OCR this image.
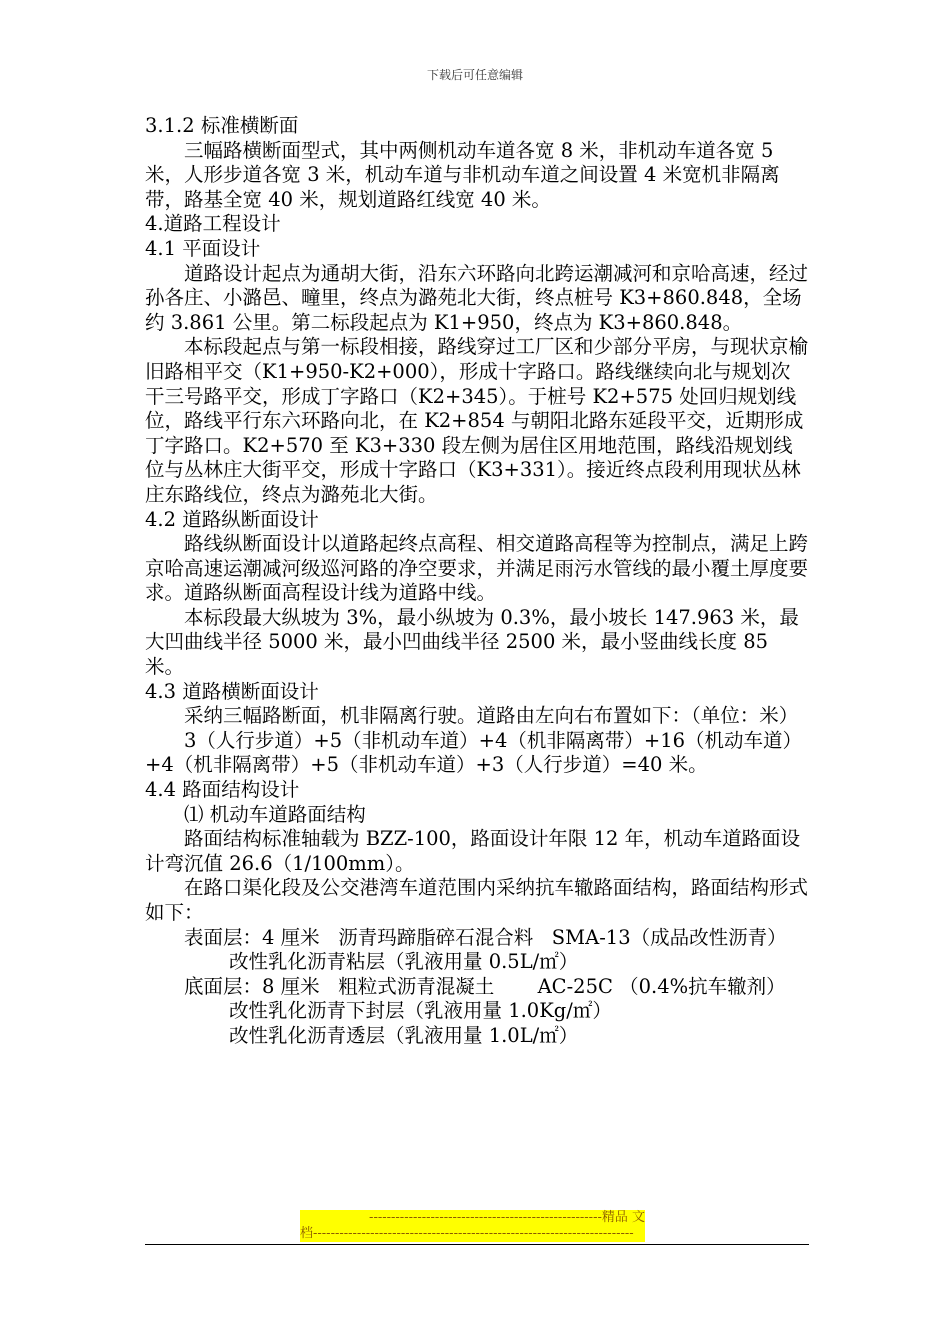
下载后可任意编辑

3.1.2 标准横断面

三幅路横断面型式，其中两侧机动车道各宽 8 米，非机动车道各宽 5 米，人形步道各宽 3 米，机动车道与非机动车道之间设置 4 米宽机非隔离带，路基全宽 40 米，规划道路红线宽 40 米。

4.道路工程设计

4.1 平面设计

道路设计起点为通胡大街，沿东六环路向北跨运潮减河和京哈高速，经过孙各庄、小潞邑、疃里，终点为潞苑北大街，终点桩号 K3+860.848，全场约 3.861 公里。第二标段起点为 K1+950，终点为 K3+860.848。

本标段起点与第一标段相接，路线穿过工厂区和少部分平房，与现状京榆旧路相平交（K1+950-K2+000），形成十字路口。路线继续向北与规划次干三号路平交，形成丁字路口（K2+345）。于桩号 K2+575 处回归规划线位，路线平行东六环路向北，在 K2+854 与朝阳北路东延段平交，近期形成丁字路口。K2+570 至 K3+330 段左侧为居住区用地范围，路线沿规划线位与丛林庄大街平交，形成十字路口（K3+331）。接近终点段利用现状丛林庄东路线位，终点为潞苑北大街。

4.2 道路纵断面设计

路线纵断面设计以道路起终点高程、相交道路高程等为控制点，满足上跨京哈高速运潮减河级巡河路的净空要求，并满足雨污水管线的最小覆土厚度要求。道路纵断面高程设计线为道路中线。

本标段最大纵坡为 3%，最小纵坡为 0.3%，最小坡长 147.963 米，最大凹曲线半径 5000 米，最小凹曲线半径 2500 米，最小竖曲线长度 85 米。

4.3 道路横断面设计

采纳三幅路断面，机非隔离行驶。道路由左向右布置如下：（单位：米）

3（人行步道）+5（非机动车道）+4（机非隔离带）+16（机动车道）+4（机非隔离带）+5（非机动车道）+3（人行步道）=40 米。

4.4 路面结构设计

⑴ 机动车道路面结构

路面结构标准轴载为 BZZ-100，路面设计年限 12 年，机动车道路面设计弯沉值 26.6（1/100mm）。

在路口渠化段及公交港湾车道范围内采纳抗车辙路面结构，路面结构形式如下：

表面层：4 厘米   沥青玛蹄脂碎石混合料   SMA-13（成品改性沥青）

改性乳化沥青粘层（乳液用量 0.5L/㎡）

底面层：8 厘米   粗粒式沥青混凝土       AC-25C （0.4%抗车辙剂）

改性乳化沥青下封层（乳液用量 1.0Kg/㎡）

改性乳化沥青透层（乳液用量 1.0L/㎡）

-----------------------------------------------------精品 文
档-------------------------------------------------------------------------
